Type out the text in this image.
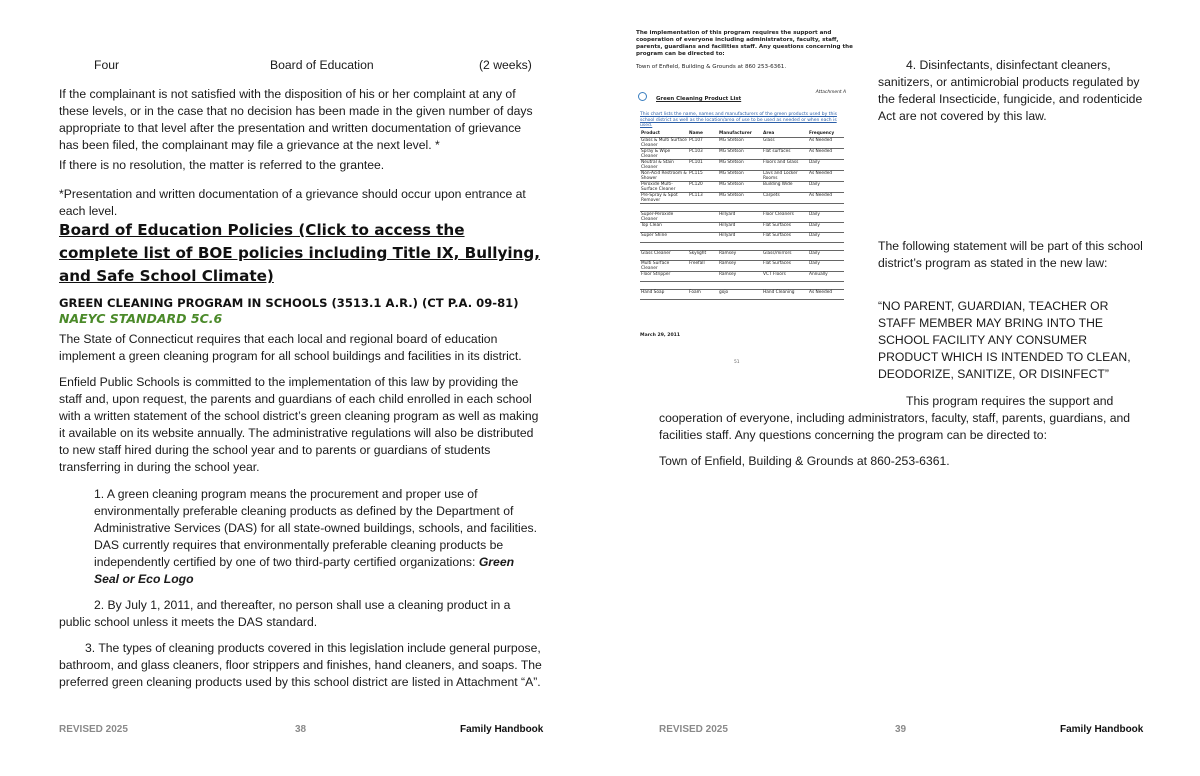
Four	Board of Education	(2 weeks)
If the complainant is not satisfied with the disposition of his or her complaint at any of these levels, or in the case that no decision has been made in the given number of days appropriate to that level after the presentation and written documentation of grievance has been filed, the complainant may file a grievance at the next level. *
If there is no resolution, the matter is referred to the grantee.
*Presentation and written documentation of a grievance should occur upon entrance at each level.
Board of Education Policies (Click to access the complete list of BOE policies including Title IX, Bullying, and Safe School Climate)
GREEN CLEANING PROGRAM IN SCHOOLS (3513.1 A.R.) (CT P.A. 09-81)
NAEYC STANDARD 5C.6
The State of Connecticut requires that each local and regional board of education implement a green cleaning program for all school buildings and facilities in its district.
Enfield Public Schools is committed to the implementation of this law by providing the staff and, upon request, the parents and guardians of each child enrolled in each school with a written statement of the school district’s green cleaning program as well as making it available on its website annually. The administrative regulations will also be distributed to new staff hired during the school year and to parents or guardians of students transferring in during the school year.
1. A green cleaning program means the procurement and proper use of environmentally preferable cleaning products as defined by the Department of Administrative Services (DAS) for all state-owned buildings, schools, and facilities. DAS currently requires that environmentally preferable cleaning products be independently certified by one of two third-party certified organizations: Green Seal or Eco Logo
2. By July 1, 2011, and thereafter, no person shall use a cleaning product in a public school unless it meets the DAS standard.
3. The types of cleaning products covered in this legislation include general purpose, bathroom, and glass cleaners, floor strippers and finishes, hand cleaners, and soaps. The preferred green cleaning products used by this school district are listed in Attachment “A”.
REVISED 2025	38	Family Handbook
The implementation of this program requires the support and cooperation of everyone including administrators, faculty, staff, parents, guardians and facilities staff. Any questions concerning the program can be directed to:
Town of Enfield, Building & Grounds at 860 253-6361.
Attachment A
Green Cleaning Product List
This chart lists the name, names and manufacturers of the green products used by this school district as well as the location/area of use to be used as needed or when each is used.
Product	Name	Manufacturer	Area	Frequency
Glass & Multi Surface Cleaner	PC107	MG Stetson	Glass	As Needed
Spray & Wipe Cleaner	PC103	MG Stetson	Flat surfaces	As Needed
Neutral & Stain Cleaner	PC101	MG Stetson	Floors and Glass	Daily
Non-Acid Restroom & Shower	PC115	MG Stetson	Lavs and Locker Rooms	As Needed
Peroxide Multi-Surface Cleaner	PC120	MG Stetson	Building Wide	Daily
Pre-Spray & Spot Remover	PC113	MG Stetson	Carpets	As Needed

Super-Peroxide Cleaner		Hillyard	Floor Cleaners	Daily
Top Clean		Hillyard	Flat Surfaces	Daily
Super Shine		Hillyard	Flat Surfaces	Daily

Glass Cleaner	Skylight	Ramsey	Glass/mirrors	Daily
Multi Surface Cleaner	Freefall	Ramsey	Flat Surfaces	Daily
Floor Stripper		Ramsey	VCT Floors	Annually

Hand Soap	Foam	gojo	Hand Cleaning	As Needed
March 29, 2011
51
4. Disinfectants, disinfectant cleaners, sanitizers, or antimicrobial products regulated by the federal Insecticide, fungicide, and rodenticide Act are not covered by this law.
The following statement will be part of this school district’s program as stated in the new law:
“NO PARENT, GUARDIAN, TEACHER OR STAFF MEMBER MAY BRING INTO THE SCHOOL FACILITY ANY CONSUMER PRODUCT WHICH IS INTENDED TO CLEAN, DEODORIZE, SANITIZE, OR DISINFECT”
This program requires the support and
cooperation of everyone, including administrators, faculty, staff, parents, guardians, and facilities staff. Any questions concerning the program can be directed to:
Town of Enfield, Building & Grounds at 860-253-6361.
REVISED 2025	39	Family Handbook
